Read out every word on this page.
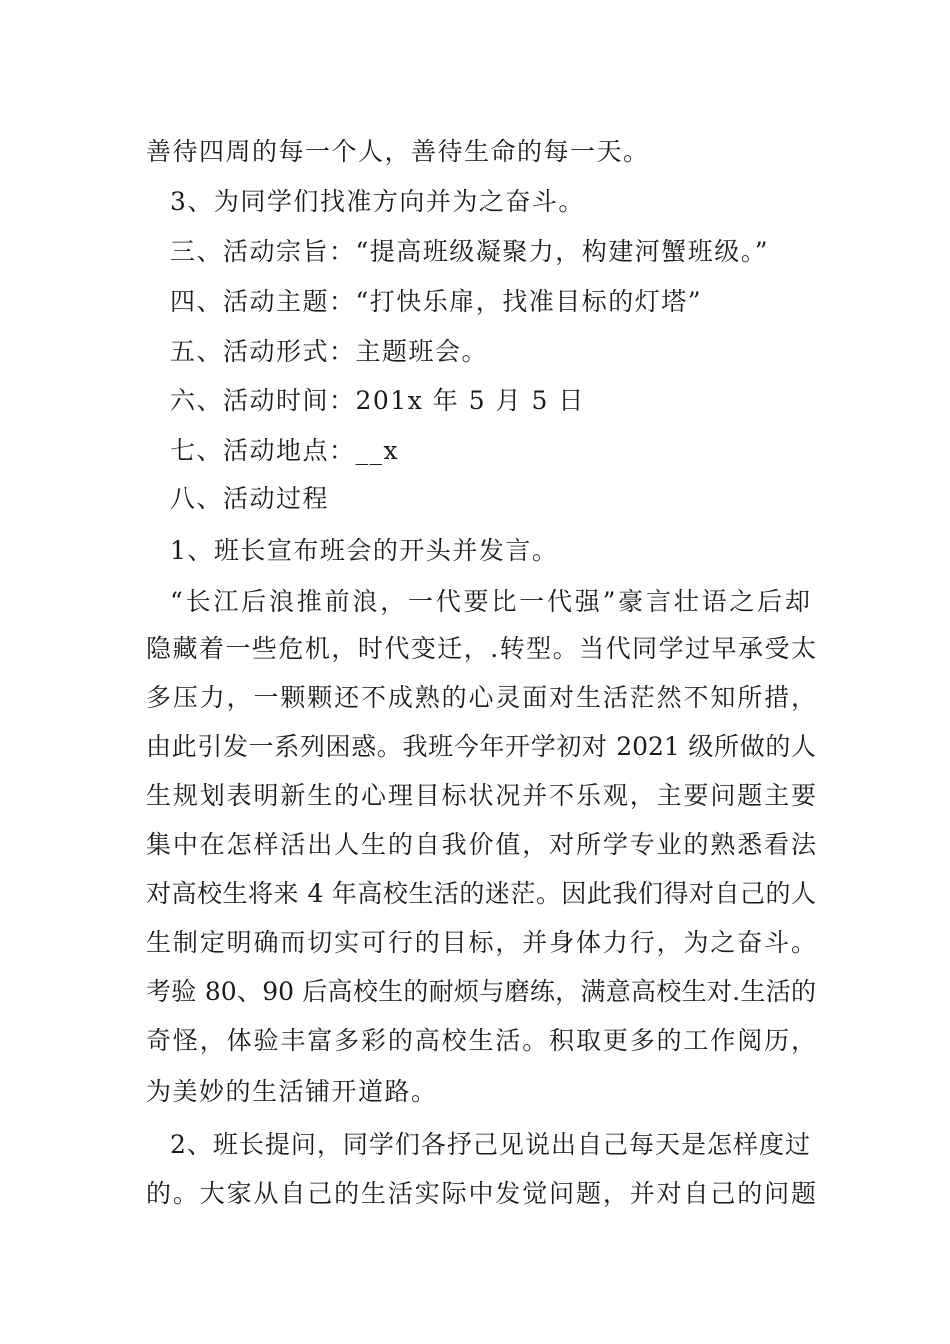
善待四周的每一个人，善待生命的每一天。
3、为同学们找准方向并为之奋斗。
三、活动宗旨：“提高班级凝聚力，构建河蟹班级。”
四、活动主题：“打快乐扉，找准目标的灯塔”
五、活动形式：主题班会。
六、活动时间：201x 年 5 月 5 日
七、活动地点：__x
八、活动过程
1、班长宣布班会的开头并发言。
“长江后浪推前浪，一代要比一代强”豪言壮语之后却
隐藏着一些危机，时代变迁，.转型。当代同学过早承受太
多压力，一颗颗还不成熟的心灵面对生活茫然不知所措，
由此引发一系列困惑。我班今年开学初对 2021 级所做的人
生规划表明新生的心理目标状况并不乐观，主要问题主要
集中在怎样活出人生的自我价值，对所学专业的熟悉看法
对高校生将来 4 年高校生活的迷茫。因此我们得对自己的人
生制定明确而切实可行的目标，并身体力行，为之奋斗。
考验 80、90 后高校生的耐烦与磨练，满意高校生对.生活的
奇怪，体验丰富多彩的高校生活。积取更多的工作阅历，
为美妙的生活铺开道路。
2、班长提问，同学们各抒己见说出自己每天是怎样度过
的。大家从自己的生活实际中发觉问题，并对自己的问题
